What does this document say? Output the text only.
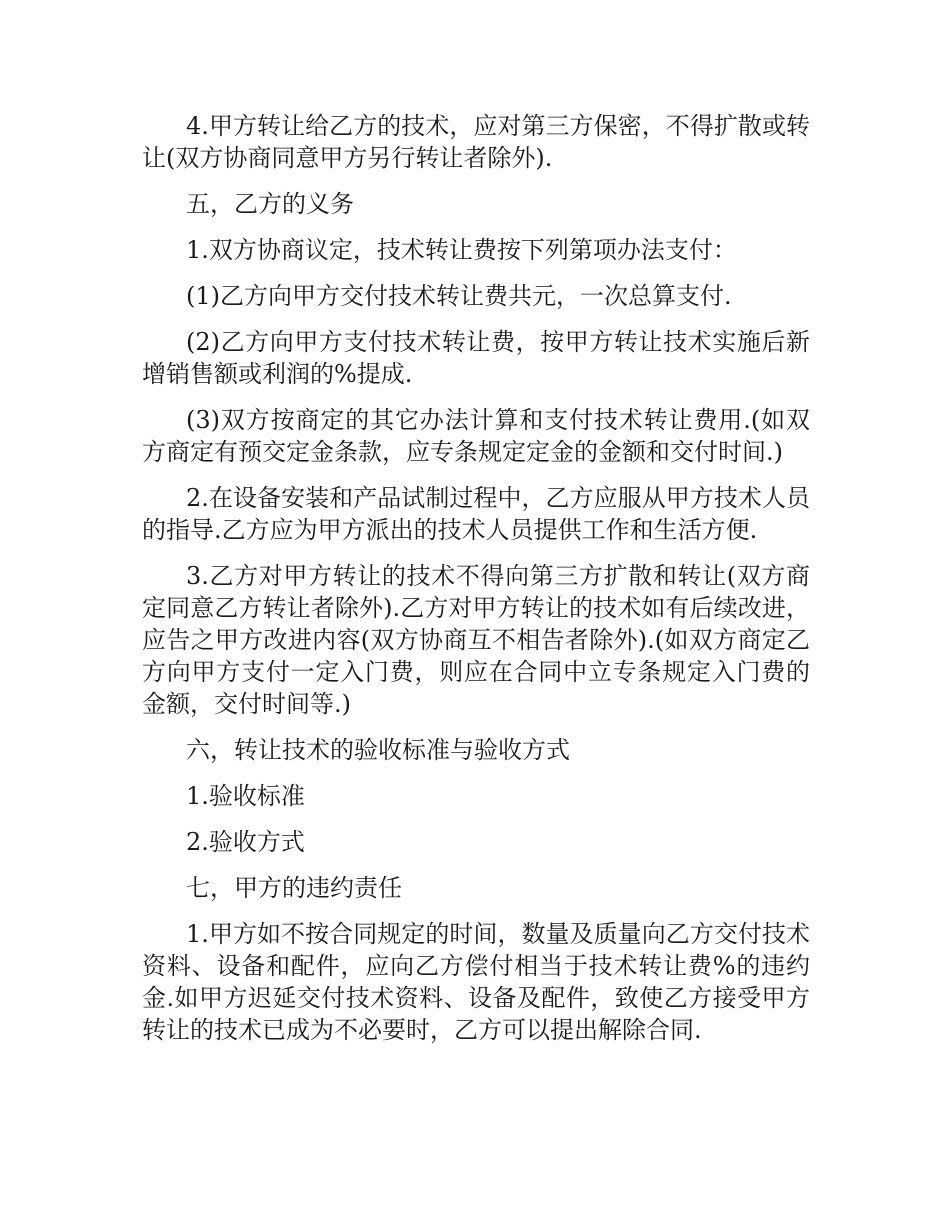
4.甲方转让给乙方的技术，应对第三方保密，不得扩散或转让(双方协商同意甲方另行转让者除外).

五，乙方的义务

1.双方协商议定，技术转让费按下列第项办法支付：

(1)乙方向甲方交付技术转让费共元，一次总算支付.

(2)乙方向甲方支付技术转让费，按甲方转让技术实施后新增销售额或利润的%提成.

(3)双方按商定的其它办法计算和支付技术转让费用.(如双方商定有预交定金条款，应专条规定定金的金额和交付时间.)

2.在设备安装和产品试制过程中，乙方应服从甲方技术人员的指导.乙方应为甲方派出的技术人员提供工作和生活方便.

3.乙方对甲方转让的技术不得向第三方扩散和转让(双方商定同意乙方转让者除外).乙方对甲方转让的技术如有后续改进，应告之甲方改进内容(双方协商互不相告者除外).(如双方商定乙方向甲方支付一定入门费，则应在合同中立专条规定入门费的金额，交付时间等.)

六，转让技术的验收标准与验收方式

1.验收标准

2.验收方式

七，甲方的违约责任

1.甲方如不按合同规定的时间，数量及质量向乙方交付技术资料、设备和配件，应向乙方偿付相当于技术转让费%的违约金.如甲方迟延交付技术资料、设备及配件，致使乙方接受甲方转让的技术已成为不必要时，乙方可以提出解除合同.
